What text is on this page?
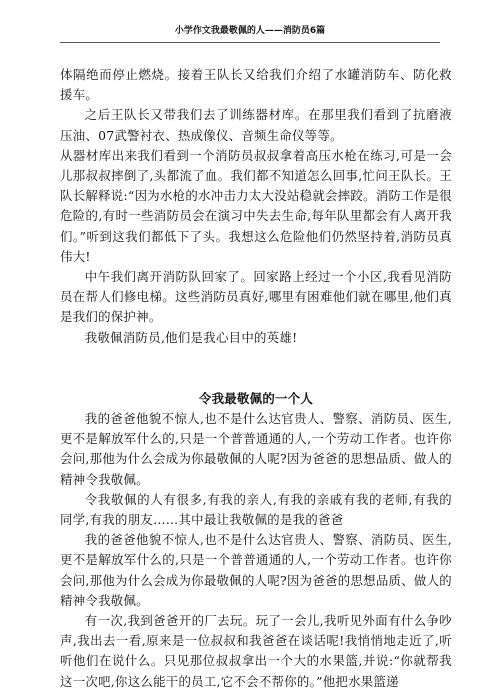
小学作文我最敬佩的人——消防员6篇

体隔绝而停止燃烧。接着王队长又给我们介绍了水罐消防车、防化救援车。

之后王队长又带我们去了训练器材库。在那里我们看到了抗磨液压油、07武警衬衣、热成像仪、音频生命仪等等。

从器材库出来我们看到一个消防员叔叔拿着高压水枪在练习,可是一会儿那叔叔摔倒了,头都流了血。我们都不知道怎么回事,忙问王队长。王队长解释说:“因为水枪的水冲击力太大没站稳就会摔跤。消防工作是很危险的,有时一些消防员会在演习中失去生命,每年队里都会有人离开我们。”听到这我们都低下了头。我想这么危险他们仍然坚持着,消防员真伟大!

中午我们离开消防队回家了。回家路上经过一个小区,我看见消防员在帮人们修电梯。这些消防员真好,哪里有困难他们就在哪里,他们真是我们的保护神。

我敬佩消防员,他们是我心目中的英雄!

令我最敬佩的一个人

我的爸爸他貌不惊人,也不是什么达官贵人、警察、消防员、医生,更不是解放军什么的,只是一个普普通通的人,一个劳动工作者。也许你会问,那他为什么会成为你最敬佩的人呢?因为爸爸的思想品质、做人的精神令我敬佩。

令我敬佩的人有很多,有我的亲人,有我的亲戚有我的老师,有我的同学,有我的朋友……其中最让我敬佩的是我的爸爸

我的爸爸他貌不惊人,也不是什么达官贵人、警察、消防员、医生,更不是解放军什么的,只是一个普普通通的人,一个劳动工作者。也许你会问,那他为什么会成为你最敬佩的人呢?因为爸爸的思想品质、做人的精神令我敬佩。

有一次,我到爸爸开的厂去玩。玩了一会儿,我听见外面有什么争吵声,我出去一看,原来是一位叔叔和我爸爸在谈话呢!我悄悄地走近了,听听他们在说什么。只见那位叔叔拿出一个大的水果篮,并说:“你就帮我这一次吧,你这么能干的员工,它不会不帮你的。”他把水果篮递
